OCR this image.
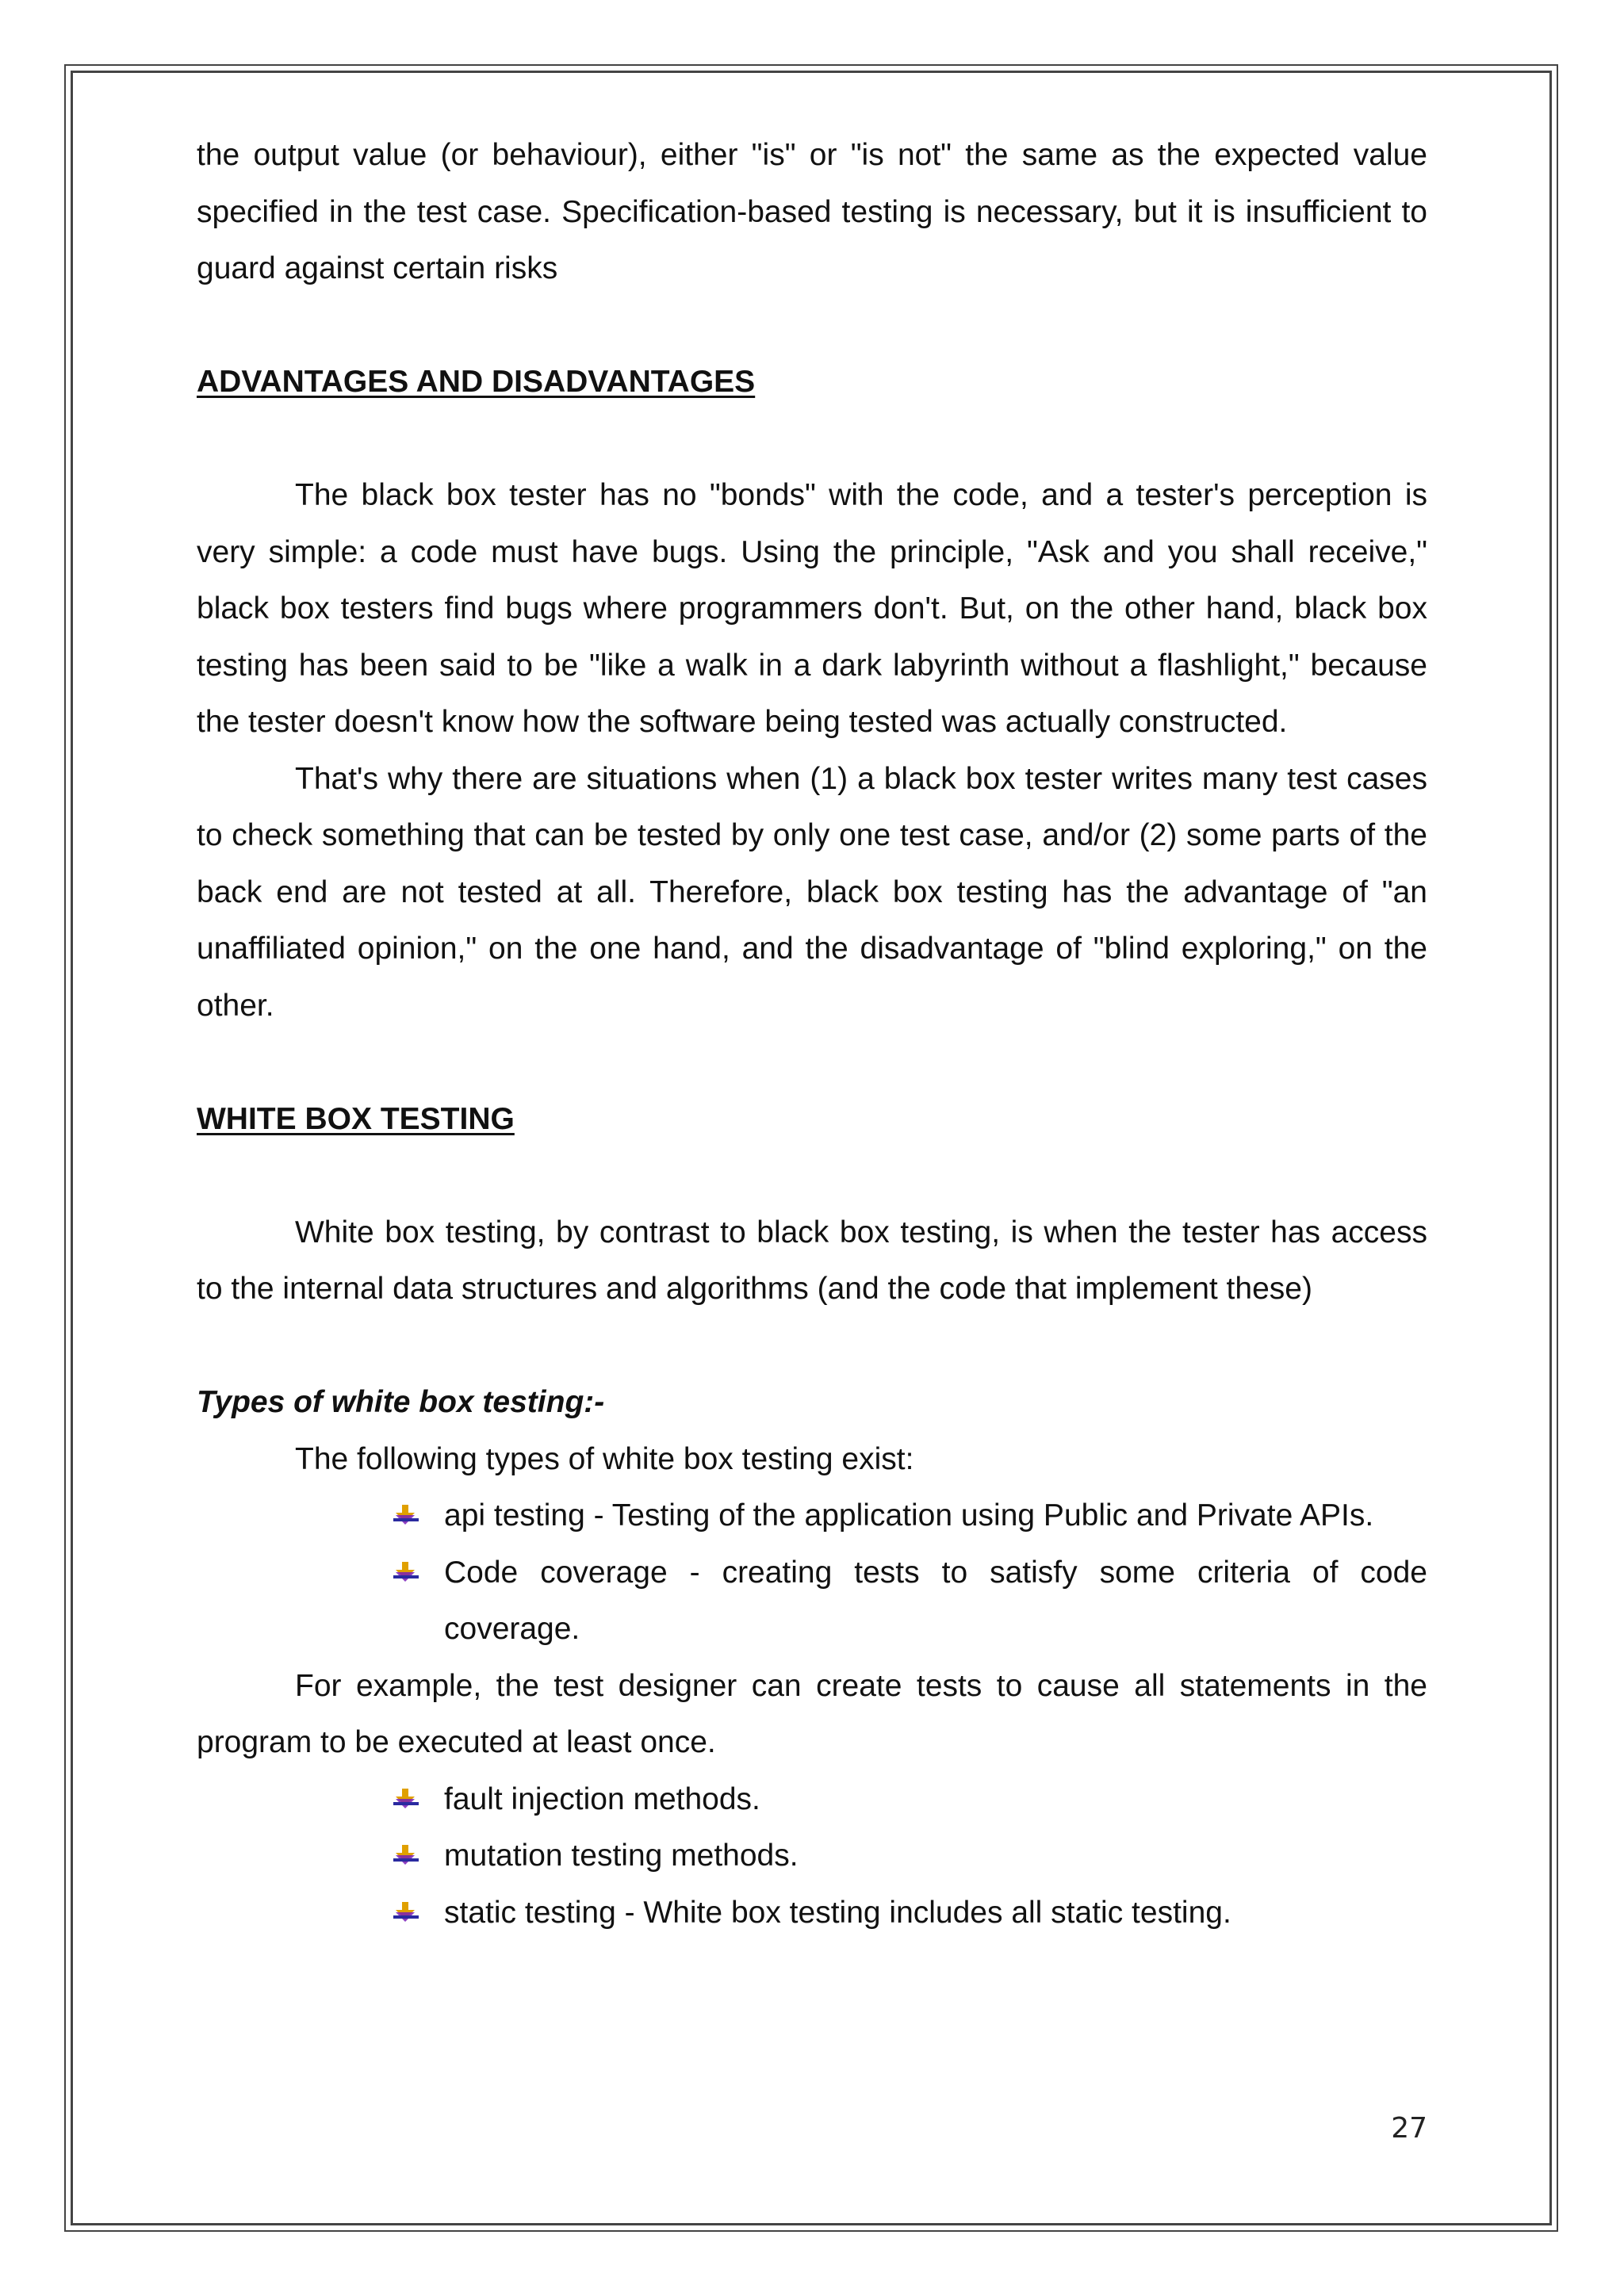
the output value (or behaviour), either "is" or "is not" the same as the expected value specified in the test case. Specification-based testing is necessary, but it is insufficient to guard against certain risks

ADVANTAGES AND DISADVANTAGES

The black box tester has no "bonds" with the code, and a tester's perception is very simple: a code must have bugs. Using the principle, "Ask and you shall receive," black box testers find bugs where programmers don't. But, on the other hand, black box testing has been said to be "like a walk in a dark labyrinth without a flashlight," because the tester doesn't know how the software being tested was actually constructed.

That's why there are situations when (1) a black box tester writes many test cases to check something that can be tested by only one test case, and/or (2) some parts of the back end are not tested at all. Therefore, black box testing has the advantage of "an unaffiliated opinion," on the one hand, and the disadvantage of "blind exploring," on the other.

WHITE BOX TESTING

White box testing, by contrast to black box testing, is when the tester has access to the internal data structures and algorithms (and the code that implement these)

Types of white box testing:-
The following types of white box testing exist:
api testing - Testing of the application using Public and Private APIs.
Code coverage - creating tests to satisfy some criteria of code coverage.

For example, the test designer can create tests to cause all statements in the program to be executed at least once.

fault injection methods.
mutation testing methods.
static testing - White box testing includes all static testing.
27
